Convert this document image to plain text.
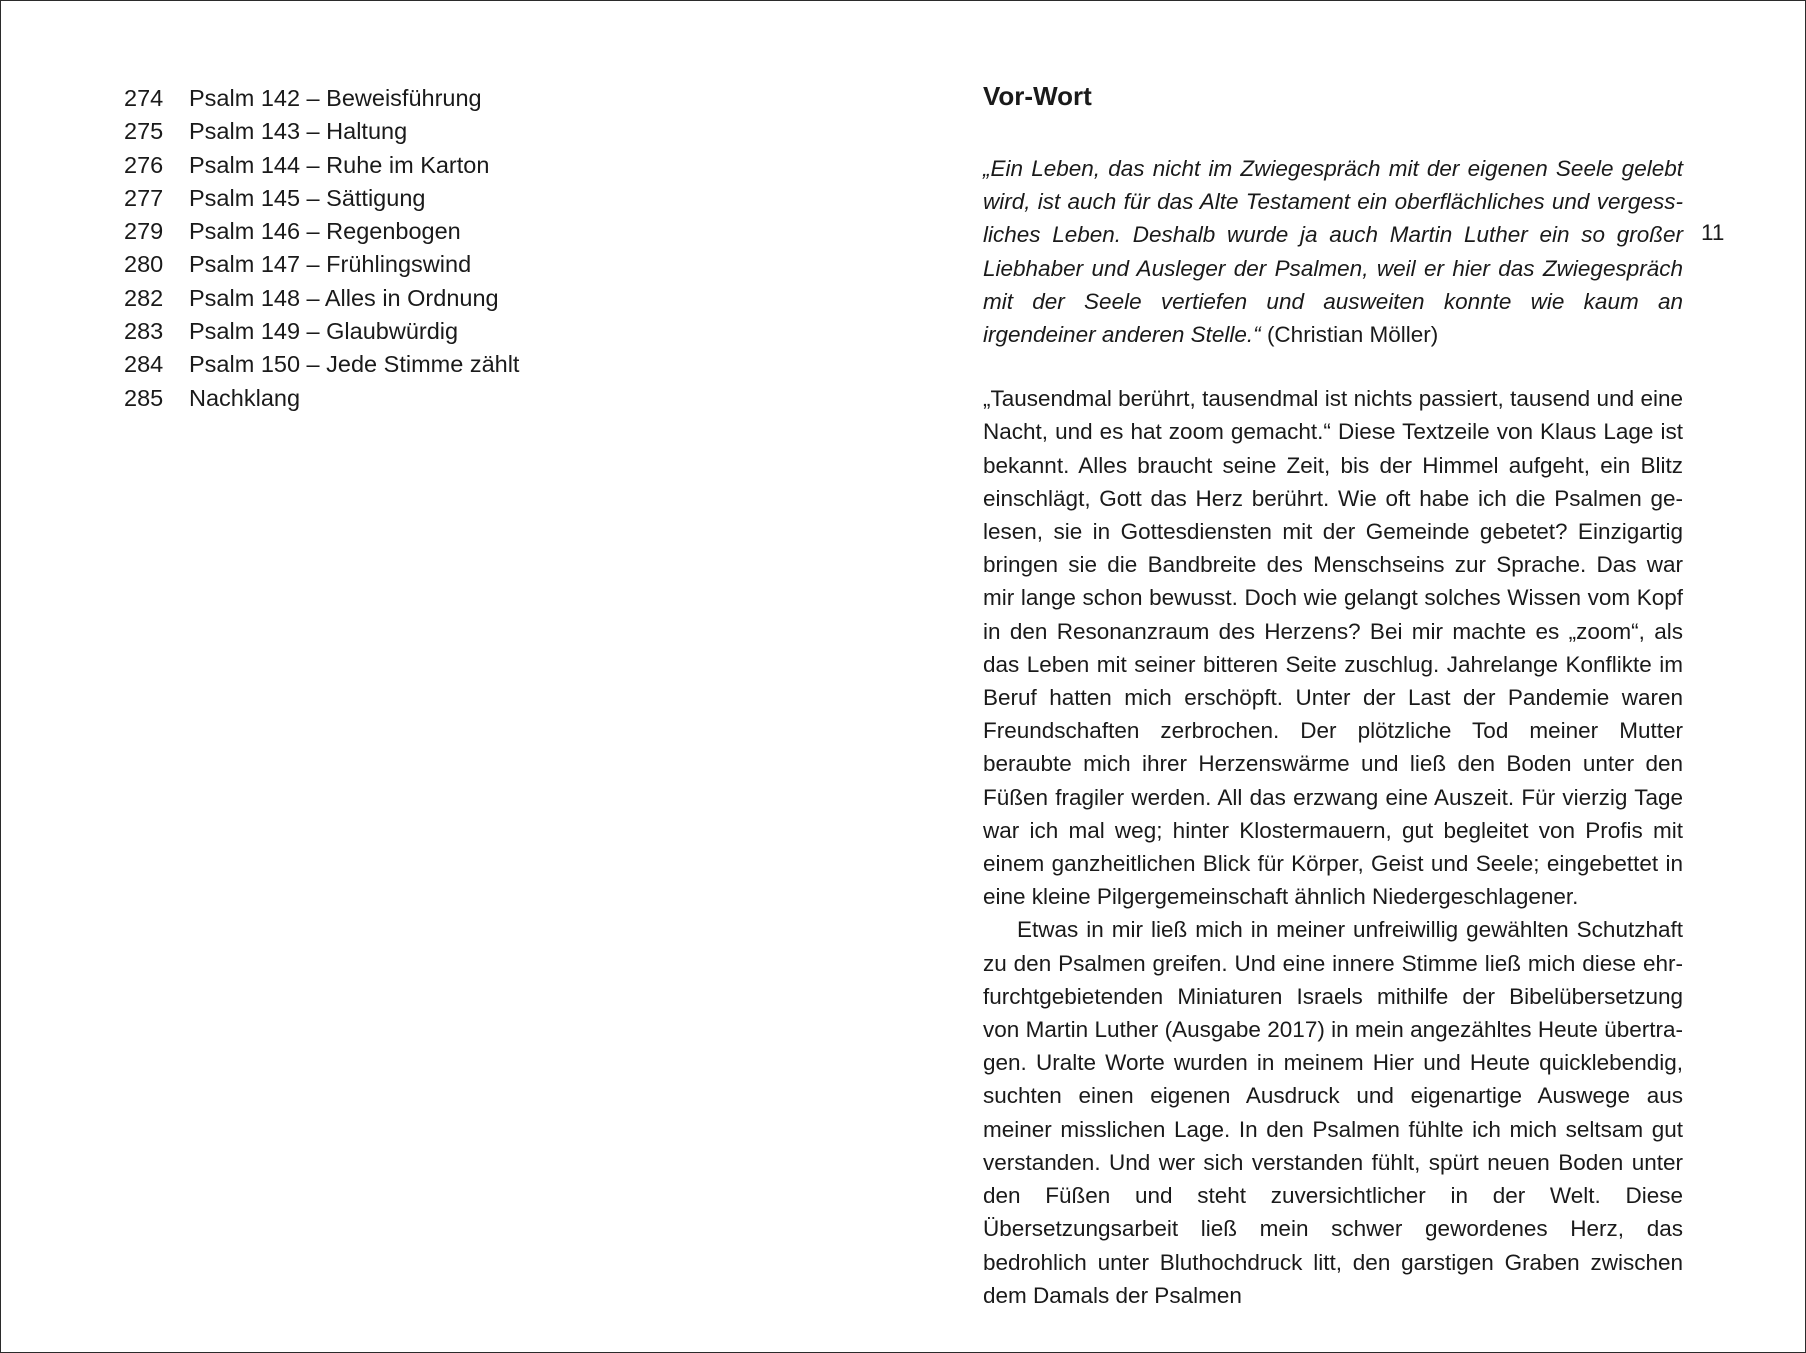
274	Psalm 142 – Beweisführung
275	Psalm 143 – Haltung
276	Psalm 144 – Ruhe im Karton
277	Psalm 145 – Sättigung
279	Psalm 146 – Regenbogen
280	Psalm 147 – Frühlingswind
282	Psalm 148 – Alles in Ordnung
283	Psalm 149 – Glaubwürdig
284	Psalm 150 – Jede Stimme zählt
285	Nachklang
Vor-Wort
„Ein Leben, das nicht im Zwiegespräch mit der eigenen Seele gelebt wird, ist auch für das Alte Testament ein oberflächliches und vergessliches Leben. Deshalb wurde ja auch Martin Luther ein so großer Liebhaber und Ausleger der Psalmen, weil er hier das Zwiegespräch mit der Seele vertiefen und ausweiten konnte wie kaum an irgendeiner anderen Stelle.“ (Christian Möller)

„Tausendmal berührt, tausendmal ist nichts passiert, tausend und eine Nacht, und es hat zoom gemacht.“ Diese Textzeile von Klaus Lage ist bekannt. Alles braucht seine Zeit, bis der Himmel aufgeht, ein Blitz einschlägt, Gott das Herz berührt. Wie oft habe ich die Psalmen gelesen, sie in Gottesdiensten mit der Gemeinde gebetet? Einzigartig bringen sie die Bandbreite des Menschseins zur Sprache. Das war mir lange schon bewusst. Doch wie gelangt solches Wissen vom Kopf in den Resonanzraum des Herzens? Bei mir machte es „zoom“, als das Leben mit seiner bitteren Seite zuschlug. Jahrelange Konflikte im Beruf hatten mich erschöpft. Unter der Last der Pandemie waren Freundschaften zerbrochen. Der plötzliche Tod meiner Mutter beraubte mich ihrer Herzenswärme und ließ den Boden unter den Füßen fragiler werden. All das erzwang eine Auszeit. Für vierzig Tage war ich mal weg; hinter Klostermauern, gut begleitet von Profis mit einem ganzheitlichen Blick für Körper, Geist und Seele; eingebettet in eine kleine Pilgergemeinschaft ähnlich Niedergeschlagener.

Etwas in mir ließ mich in meiner unfreiwillig gewählten Schutzhaft zu den Psalmen greifen. Und eine innere Stimme ließ mich diese ehrfurchtgebietenden Miniaturen Israels mithilfe der Bibelübersetzung von Martin Luther (Ausgabe 2017) in mein angezähltes Heute übertragen. Uralte Worte wurden in meinem Hier und Heute quicklebendig, suchten einen eigenen Ausdruck und eigenartige Auswege aus meiner misslichen Lage. In den Psalmen fühlte ich mich seltsam gut verstanden. Und wer sich verstanden fühlt, spürt neuen Boden unter den Füßen und steht zuversichtlicher in der Welt. Diese Übersetzungsarbeit ließ mein schwer gewordenes Herz, das bedrohlich unter Bluthochdruck litt, den garstigen Graben zwischen dem Damals der Psalmen

11
